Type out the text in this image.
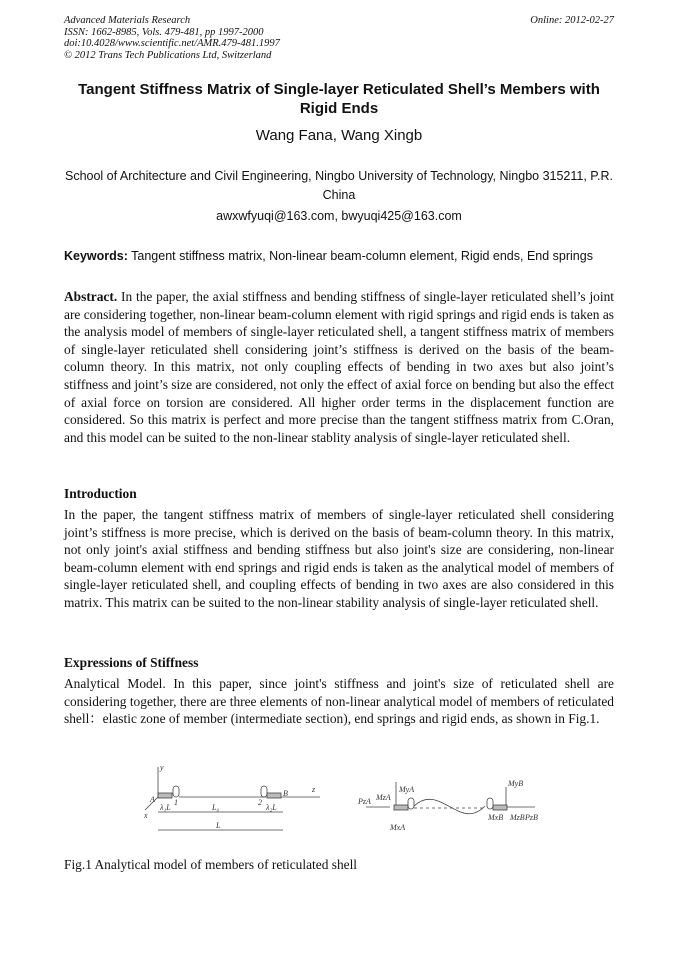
Advanced Materials Research
ISSN: 1662-8985, Vols. 479-481, pp 1997-2000
doi:10.4028/www.scientific.net/AMR.479-481.1997
© 2012 Trans Tech Publications Ltd, Switzerland
Online: 2012-02-27
Tangent Stiffness Matrix of Single-layer Reticulated Shell’s Members with Rigid Ends
Wang Fana, Wang Xingb
School of Architecture and Civil Engineering, Ningbo University of Technology, Ningbo 315211, P.R. China
awxwfyuqi@163.com, bwyuqi425@163.com
Keywords: Tangent stiffness matrix, Non-linear beam-column element, Rigid ends, End springs
Abstract. In the paper, the axial stiffness and bending stiffness of single-layer reticulated shell’s joint are considering together, non-linear beam-column element with rigid springs and rigid ends is taken as the analysis model of members of single-layer reticulated shell, a tangent stiffness matrix of members of single-layer reticulated shell considering joint’s stiffness is derived on the basis of the beam-column theory. In this matrix, not only coupling effects of bending in two axes but also joint’s stiffness and joint’s size are considered, not only the effect of axial force on bending but also the effect of axial force on torsion are considered. All higher order terms in the displacement function are considered. So this matrix is perfect and more precise than the tangent stiffness matrix from C.Oran, and this model can be suited to the non-linear stablity analysis of single-layer reticulated shell.
Introduction
In the paper, the tangent stiffness matrix of members of single-layer reticulated shell considering joint’s stiffness is more precise, which is derived on the basis of beam-column theory. In this matrix, not only joint's axial stiffness and bending stiffness but also joint's size are considering, non-linear beam-column element with end springs and rigid ends is taken as the analytical model of members of single-layer reticulated shell, and coupling effects of bending in two axes are also considered in this matrix. This matrix can be suited to the non-linear stability analysis of single-layer reticulated shell.
Expressions of Stiffness
Analytical Model. In this paper, since joint's stiffness and joint's size of reticulated shell are considering together, there are three elements of non-linear analytical model of members of reticulated shell：elastic zone of member (intermediate section), end springs and rigid ends, as shown in Fig.1.
y
z
x
A
B
1	2
λ₁L	L₀	λ₂L
L
PzA MzA
MyA
MxA
MyB
MxB MzB PzB
Fig.1 Analytical model of members of reticulated shell
